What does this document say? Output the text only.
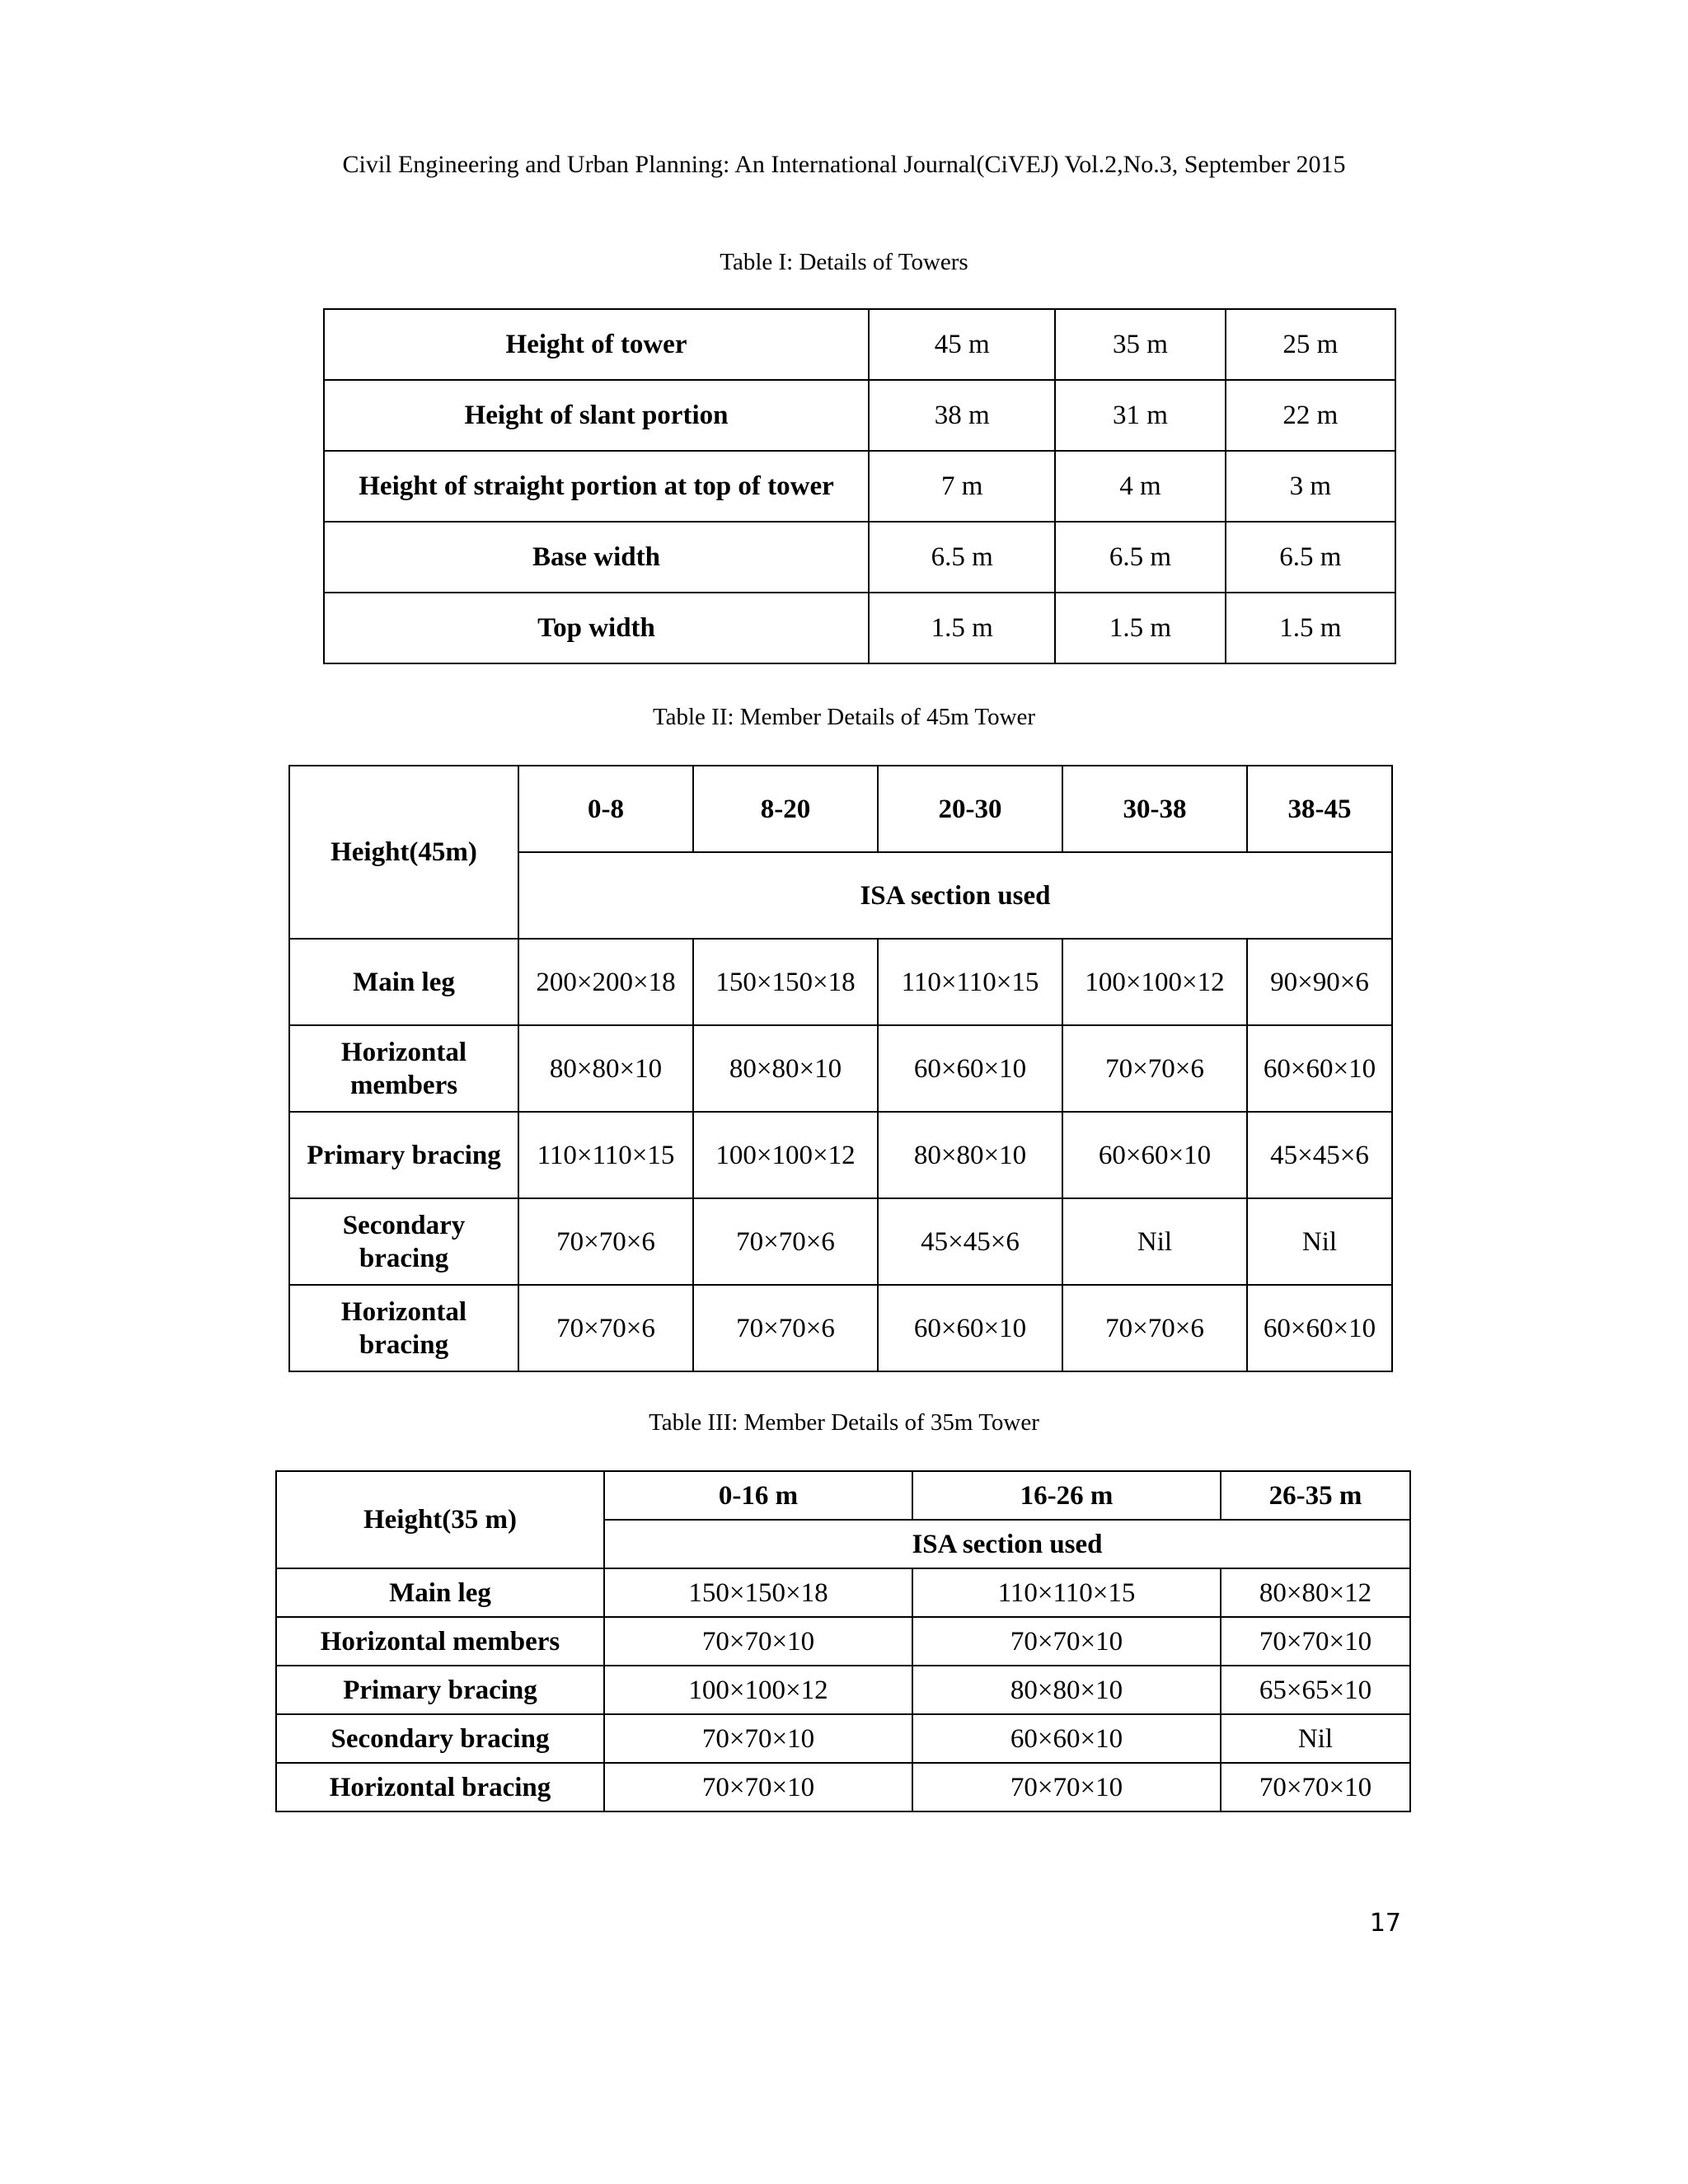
Civil Engineering and Urban Planning: An International Journal(CiVEJ) Vol.2,No.3, September 2015
Table I: Details of Towers
Height of tower	45 m	35 m	25 m
Height of slant portion	38 m	31 m	22 m
Height of straight portion at top of tower	7 m	4 m	3 m
Base width	6.5 m	6.5 m	6.5 m
Top width	1.5 m	1.5 m	1.5 m
Table II: Member Details of 45m Tower
Height(45m)	0-8	8-20	20-30	30-38	38-45
	ISA section used				
Main leg	200×200×18	150×150×18	110×110×15	100×100×12	90×90×6
Horizontal members	80×80×10	80×80×10	60×60×10	70×70×6	60×60×10
Primary bracing	110×110×15	100×100×12	80×80×10	60×60×10	45×45×6
Secondary bracing	70×70×6	70×70×6	45×45×6	Nil	Nil
Horizontal bracing	70×70×6	70×70×6	60×60×10	70×70×6	60×60×10
Table III: Member Details of 35m Tower
Height(35 m)	0-16 m	16-26 m	26-35 m
	ISA section used		
Main leg	150×150×18	110×110×15	80×80×12
Horizontal members	70×70×10	70×70×10	70×70×10
Primary bracing	100×100×12	80×80×10	65×65×10
Secondary bracing	70×70×10	60×60×10	Nil
Horizontal bracing	70×70×10	70×70×10	70×70×10
17
